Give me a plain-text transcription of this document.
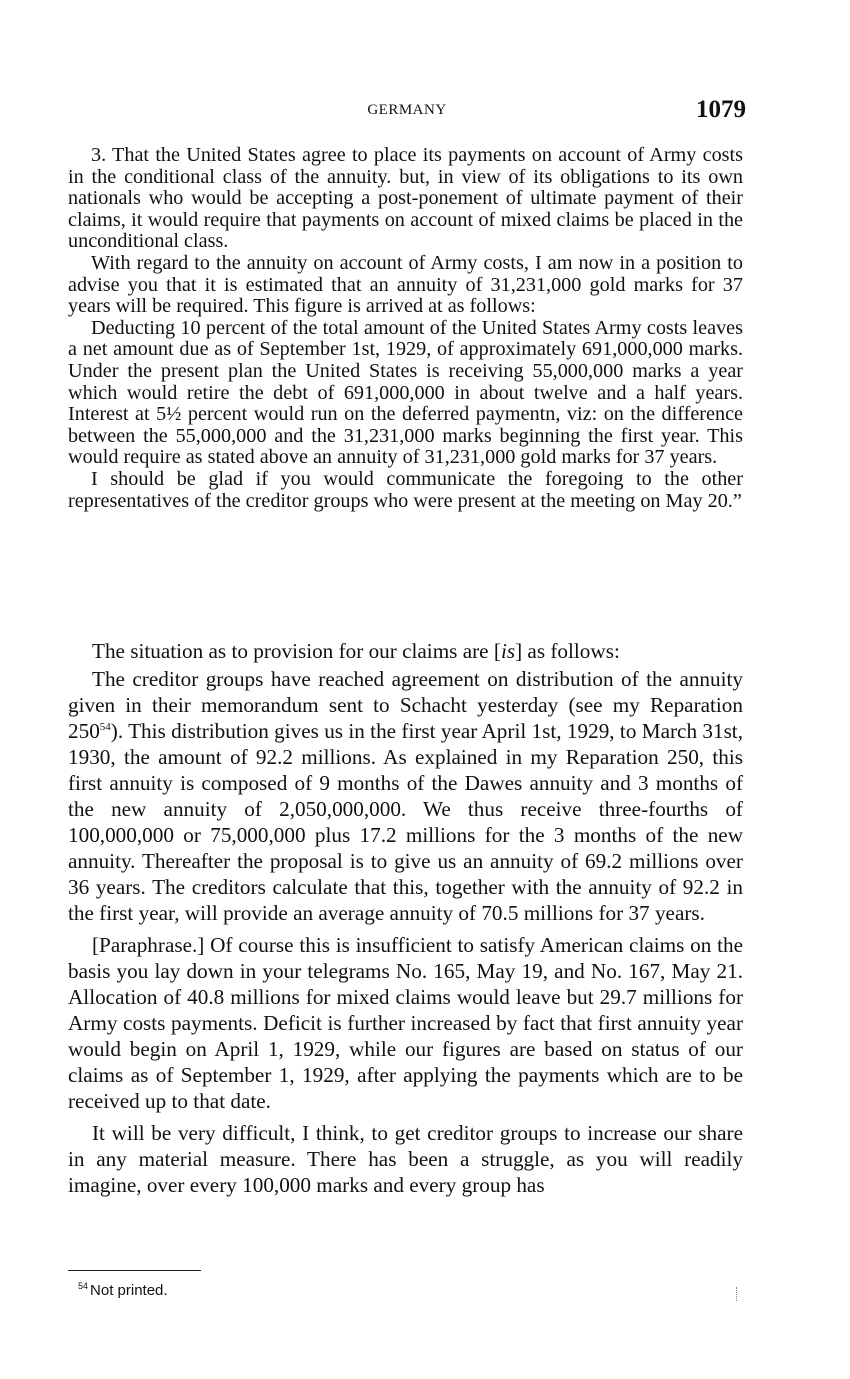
GERMANY	1079

3. That the United States agree to place its payments on account of Army costs in the conditional class of the annuity. but, in view of its obligations to its own nationals who would be accepting a post-ponement of ultimate payment of their claims, it would require that payments on account of mixed claims be placed in the unconditional class.

With regard to the annuity on account of Army costs, I am now in a position to advise you that it is estimated that an annuity of 31,231,000 gold marks for 37 years will be required. This figure is arrived at as follows:

Deducting 10 percent of the total amount of the United States Army costs leaves a net amount due as of September 1st, 1929, of approximately 691,000,000 marks. Under the present plan the United States is receiving 55,000,000 marks a year which would retire the debt of 691,000,000 in about twelve and a half years. Interest at 5½ percent would run on the deferred paymentn, viz: on the difference between the 55,000,000 and the 31,231,000 marks beginning the first year. This would require as stated above an annuity of 31,231,000 gold marks for 37 years.

I should be glad if you would communicate the foregoing to the other representatives of the creditor groups who were present at the meeting on May 20.”

The situation as to provision for our claims are [is] as follows:

The creditor groups have reached agreement on distribution of the annuity given in their memorandum sent to Schacht yesterday (see my Reparation 250$^{54}$). This distribution gives us in the first year April 1st, 1929, to March 31st, 1930, the amount of 92.2 millions. As explained in my Reparation 250, this first annuity is composed of 9 months of the Dawes annuity and 3 months of the new annuity of 2,050,000,000. We thus receive three-fourths of 100,000,000 or 75,000,000 plus 17.2 millions for the 3 months of the new annuity. Thereafter the proposal is to give us an annuity of 69.2 millions over 36 years. The creditors calculate that this, together with the annuity of 92.2 in the first year, will provide an average annuity of 70.5 millions for 37 years.

[Paraphrase.] Of course this is insufficient to satisfy American claims on the basis you lay down in your telegrams No. 165, May 19, and No. 167, May 21. Allocation of 40.8 millions for mixed claims would leave but 29.7 millions for Army costs payments. Deficit is further increased by fact that first annuity year would begin on April 1, 1929, while our figures are based on status of our claims as of September 1, 1929, after applying the payments which are to be received up to that date.

It will be very difficult, I think, to get creditor groups to increase our share in any material measure. There has been a struggle, as you will readily imagine, over every 100,000 marks and every group has

$^{54}$ Not printed.
